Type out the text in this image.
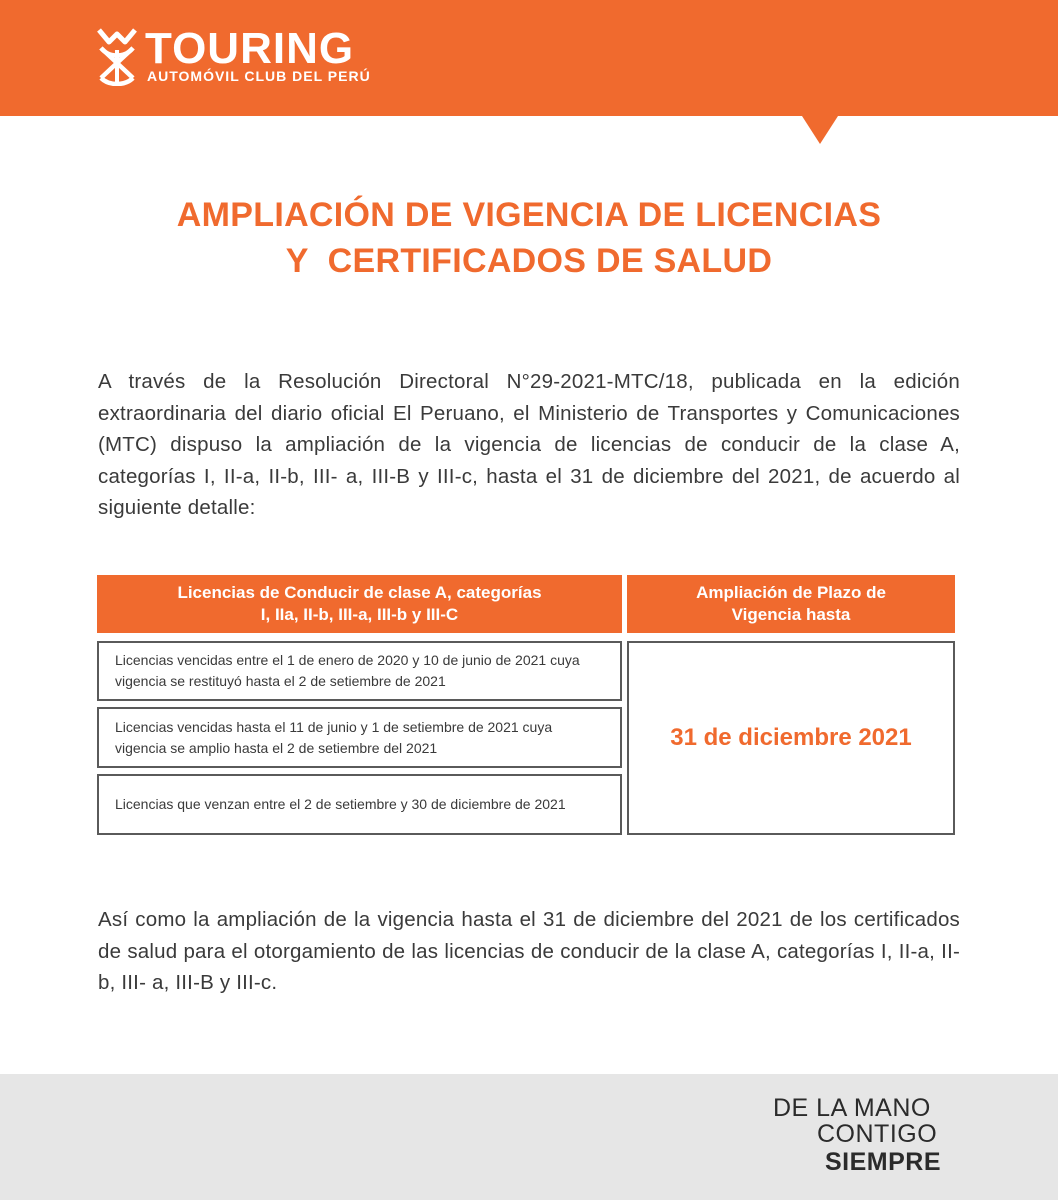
TOURING
AUTOMÓVIL CLUB DEL PERÚ
AMPLIACIÓN DE VIGENCIA DE LICENCIAS
Y  CERTIFICADOS DE SALUD
A través de la Resolución Directoral N°29-2021-MTC/18, publicada en la edición extraordinaria del diario oficial El Peruano, el Ministerio de Transportes y Comunicaciones (MTC) dispuso la ampliación de la vigencia de licencias de conducir de la clase A, categorías I, II-a, II-b, III- a, III-B y III-c, hasta el 31 de diciembre del 2021, de acuerdo al siguiente detalle:
Licencias de Conducir de clase A, categorías
I, IIa, II-b, III-a, III-b y III-C
Ampliación de Plazo de
Vigencia hasta
Licencias vencidas entre el 1 de enero de 2020 y 10 de junio de 2021 cuya vigencia se restituyó hasta el 2 de setiembre de 2021
Licencias vencidas hasta el 11 de junio y 1 de setiembre de 2021 cuya vigencia se amplio hasta el 2 de setiembre del 2021
Licencias que venzan entre el 2 de setiembre y 30 de diciembre de 2021
31 de diciembre 2021
Así como la ampliación de la vigencia hasta el 31 de diciembre del 2021 de los certificados de salud para el otorgamiento de las licencias de conducir de la clase A, categorías I, II-a, II-b, III- a, III-B y III-c.
DE LA MANO
CONTIGO
SIEMPRE
